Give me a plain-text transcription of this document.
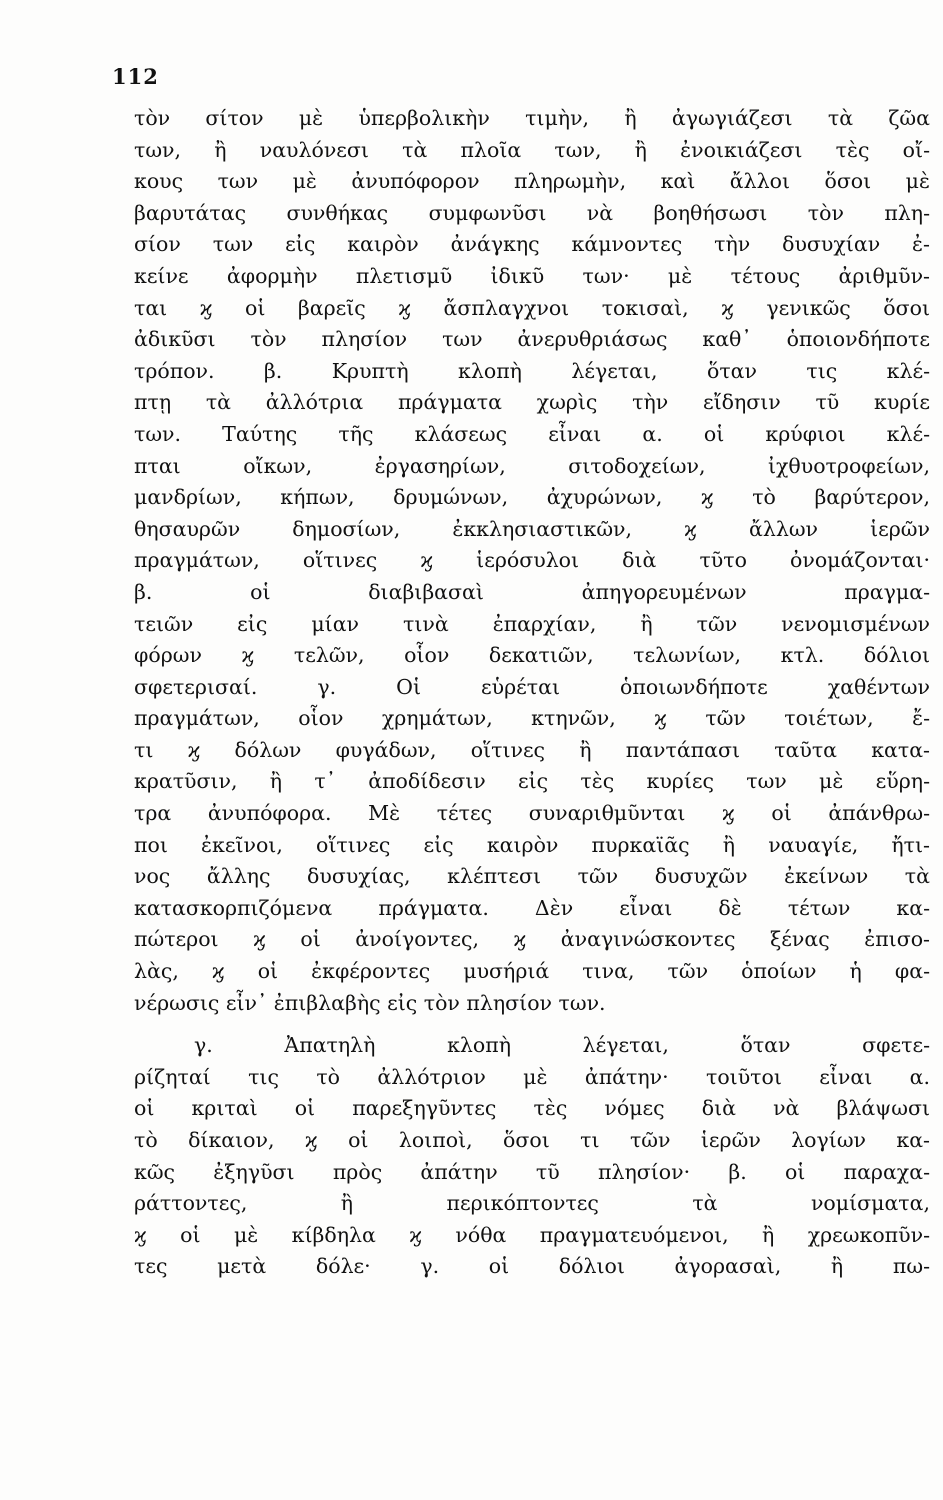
112
τὸν σίτον μὲ ὑπερβολικὴν τιμὴν, ἢ ἀγωγιάζεσι τὰ ζῶα
των, ἢ ναυλόνεσι τὰ πλοῖα των, ἢ ἐνοικιάζεσι τὲς οἴ-
κους των μὲ ἀνυπόφορον πληρωμὴν, καὶ ἄλλοι ὅσοι μὲ
βαρυτάτας συνθήκας συμφωνῦσι νὰ βοηθήσωσι τὸν πλη-
σίον των εἰς καιρὸν ἀνάγκης κάμνοντες τὴν δυσυχίαν ἐ-
κείνε ἀφορμὴν πλετισμῦ ἰδικῦ των· μὲ τέτους ἀριθμῦν-
ται ϗ οἱ βαρεῖς ϗ ἄσπλαγχνοι τοκισαὶ, ϗ γενικῶς ὅσοι
ἀδικῦσι τὸν πλησίον των ἀνερυθριάσως καθ᾽ ὁποιονδήποτε
τρόπον. β. Κρυπτὴ κλοπὴ λέγεται, ὅταν τις κλέ-
πτῃ τὰ ἀλλότρια πράγματα χωρὶς τὴν εἴδησιν τῦ κυρίε
των. Ταύτης τῆς κλάσεως εἶναι α. οἱ κρύφιοι κλέ-
πται οἴκων, ἐργασηρίων, σιτοδοχείων, ἰχθυοτροφείων,
μανδρίων, κήπων, δρυμώνων, ἀχυρώνων, ϗ τὸ βαρύτερον,
θησαυρῶν δημοσίων, ἐκκλησιαστικῶν, ϗ ἄλλων ἱερῶν
πραγμάτων, οἵτινες ϗ ἱερόσυλοι διὰ τῦτο ὀνομάζονται·
β. οἱ διαβιβασαὶ ἀπηγορευμένων πραγμα-
τειῶν εἰς μίαν τινὰ ἐπαρχίαν, ἢ τῶν νενομισμένων
φόρων ϗ τελῶν, οἷον δεκατιῶν, τελωνίων, κτλ. δόλιοι
σφετερισαί. γ. Οἱ εὑρέται ὁποιωνδήποτε χαθέντων
πραγμάτων, οἷον χρημάτων, κτηνῶν, ϗ τῶν τοιέτων, ἔ-
τι ϗ δόλων φυγάδων, οἵτινες ἢ παντάπασι ταῦτα κατα-
κρατῦσιν, ἢ τ᾽ ἀποδίδεσιν εἰς τὲς κυρίες των μὲ εὕρη-
τρα ἀνυπόφορα. Μὲ τέτες συναριθμῦνται ϗ οἱ ἀπάνθρω-
ποι ἐκεῖνοι, οἵτινες εἰς καιρὸν πυρκαϊᾶς ἢ ναυαγίε, ἤτι-
νος ἄλλης δυσυχίας, κλέπτεσι τῶν δυσυχῶν ἐκείνων τὰ
κατασκορπιζόμενα πράγματα. Δὲν εἶναι δὲ τέτων κα-
πώτεροι ϗ οἱ ἀνοίγοντες, ϗ ἀναγινώσκοντες ξένας ἐπισο-
λὰς, ϗ οἱ ἐκφέροντες μυσήριά τινα, τῶν ὁποίων ἡ φα-
νέρωσις εἶν᾽ ἐπιβλαβὴς εἰς τὸν πλησίον των.
γ. Ἀπατηλὴ κλοπὴ λέγεται, ὅταν σφετε-
ρίζηταί τις τὸ ἀλλότριον μὲ ἀπάτην· τοιῦτοι εἶναι α.
οἱ κριταὶ οἱ παρεξηγῦντες τὲς νόμες διὰ νὰ βλάψωσι
τὸ δίκαιον, ϗ οἱ λοιποὶ, ὅσοι τι τῶν ἱερῶν λογίων κα-
κῶς ἐξηγῦσι πρὸς ἀπάτην τῦ πλησίον· β. οἱ παραχα-
ράττοντες, ἢ περικόπτοντες τὰ νομίσματα,
ϗ οἱ μὲ κίβδηλα ϗ νόθα πραγματευόμενοι, ἢ χρεωκοπῦν-
τες μετὰ δόλε· γ. οἱ δόλιοι ἀγορασαὶ, ἢ πω-
